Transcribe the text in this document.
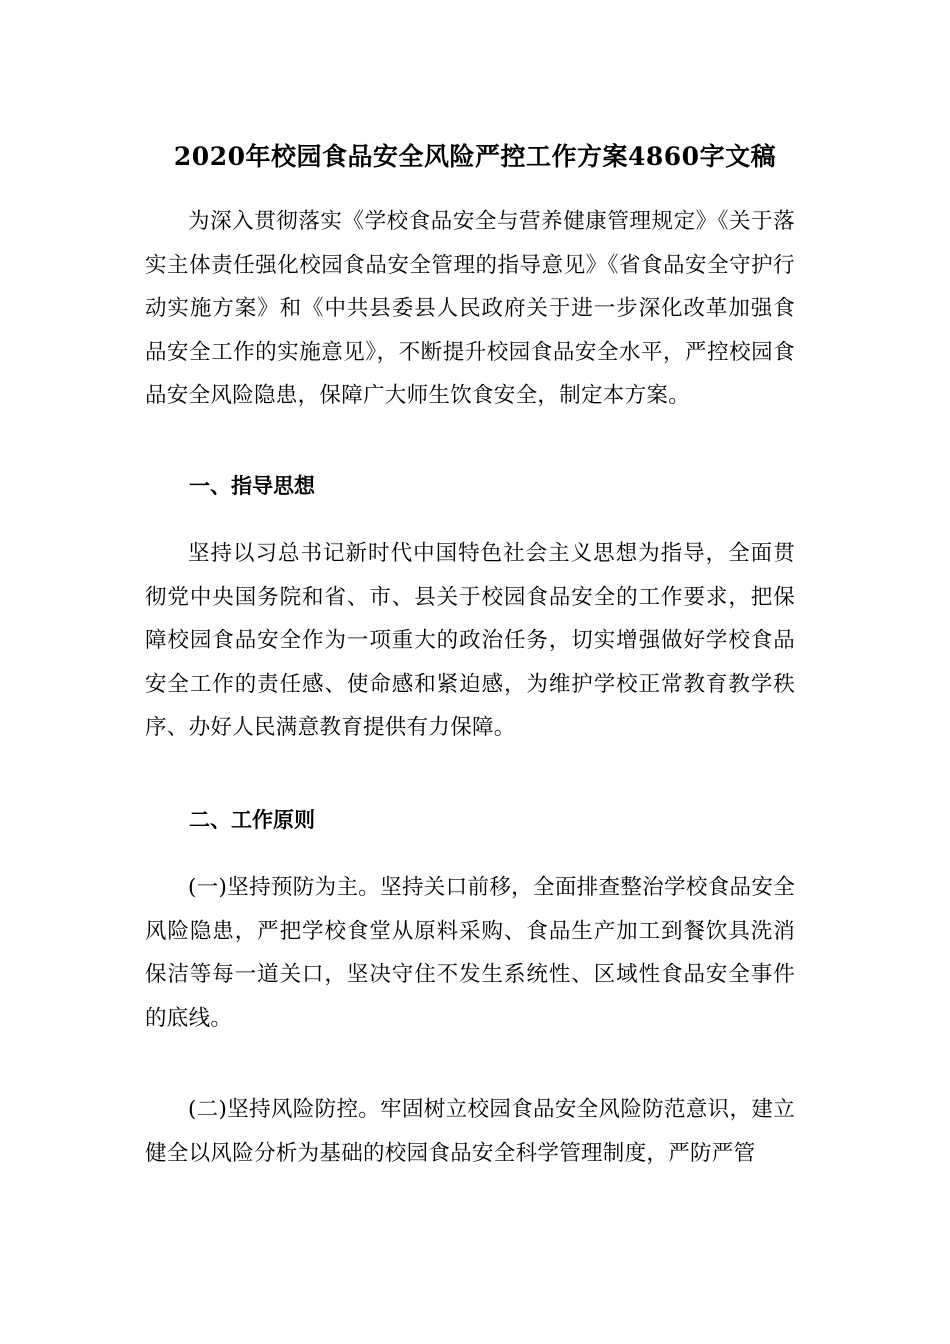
2020年校园食品安全风险严控工作方案4860字文稿
为深入贯彻落实《学校食品安全与营养健康管理规定》《关于落实主体责任强化校园食品安全管理的指导意见》《省食品安全守护行动实施方案》和《中共县委县人民政府关于进一步深化改革加强食品安全工作的实施意见》，不断提升校园食品安全水平，严控校园食品安全风险隐患，保障广大师生饮食安全，制定本方案。
一、指导思想
坚持以习总书记新时代中国特色社会主义思想为指导，全面贯彻党中央国务院和省、市、县关于校园食品安全的工作要求，把保障校园食品安全作为一项重大的政治任务，切实增强做好学校食品安全工作的责任感、使命感和紧迫感，为维护学校正常教育教学秩序、办好人民满意教育提供有力保障。
二、工作原则
(一)坚持预防为主。坚持关口前移，全面排查整治学校食品安全风险隐患，严把学校食堂从原料采购、食品生产加工到餐饮具洗消保洁等每一道关口，坚决守住不发生系统性、区域性食品安全事件的底线。
(二)坚持风险防控。牢固树立校园食品安全风险防范意识，建立健全以风险分析为基础的校园食品安全科学管理制度，严防严管
